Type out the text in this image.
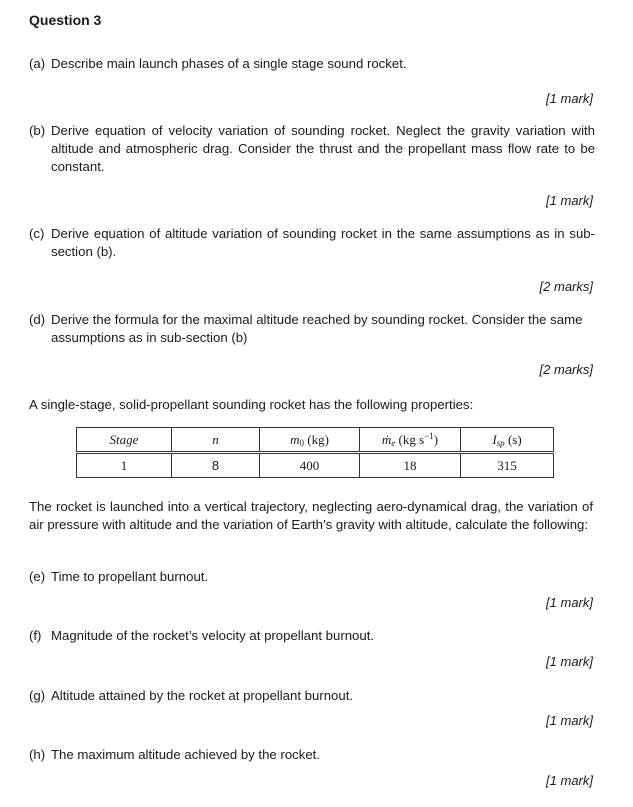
Question 3
(a) Describe main launch phases of a single stage sound rocket.
[1 mark]
(b) Derive equation of velocity variation of sounding rocket. Neglect the gravity variation with altitude and atmospheric drag. Consider the thrust and the propellant mass flow rate to be constant.
[1 mark]
(c) Derive equation of altitude variation of sounding rocket in the same assumptions as in sub-section (b).
[2 marks]
(d) Derive the formula for the maximal altitude reached by sounding rocket. Consider the same assumptions as in sub-section (b)
[2 marks]
A single-stage, solid-propellant sounding rocket has the following properties:
Stage	n	$m_0$ (kg)	ṁ$_e$ (kg $s^{-1}$)	$I_{sp}$ (s)
1	8	400	18	315
The rocket is launched into a vertical trajectory, neglecting aero-dynamical drag, the variation of air pressure with altitude and the variation of Earth’s gravity with altitude, calculate the following:
(e) Time to propellant burnout.
[1 mark]
(f) Magnitude of the rocket’s velocity at propellant burnout.
[1 mark]
(g) Altitude attained by the rocket at propellant burnout.
[1 mark]
(h) The maximum altitude achieved by the rocket.
[1 mark]
